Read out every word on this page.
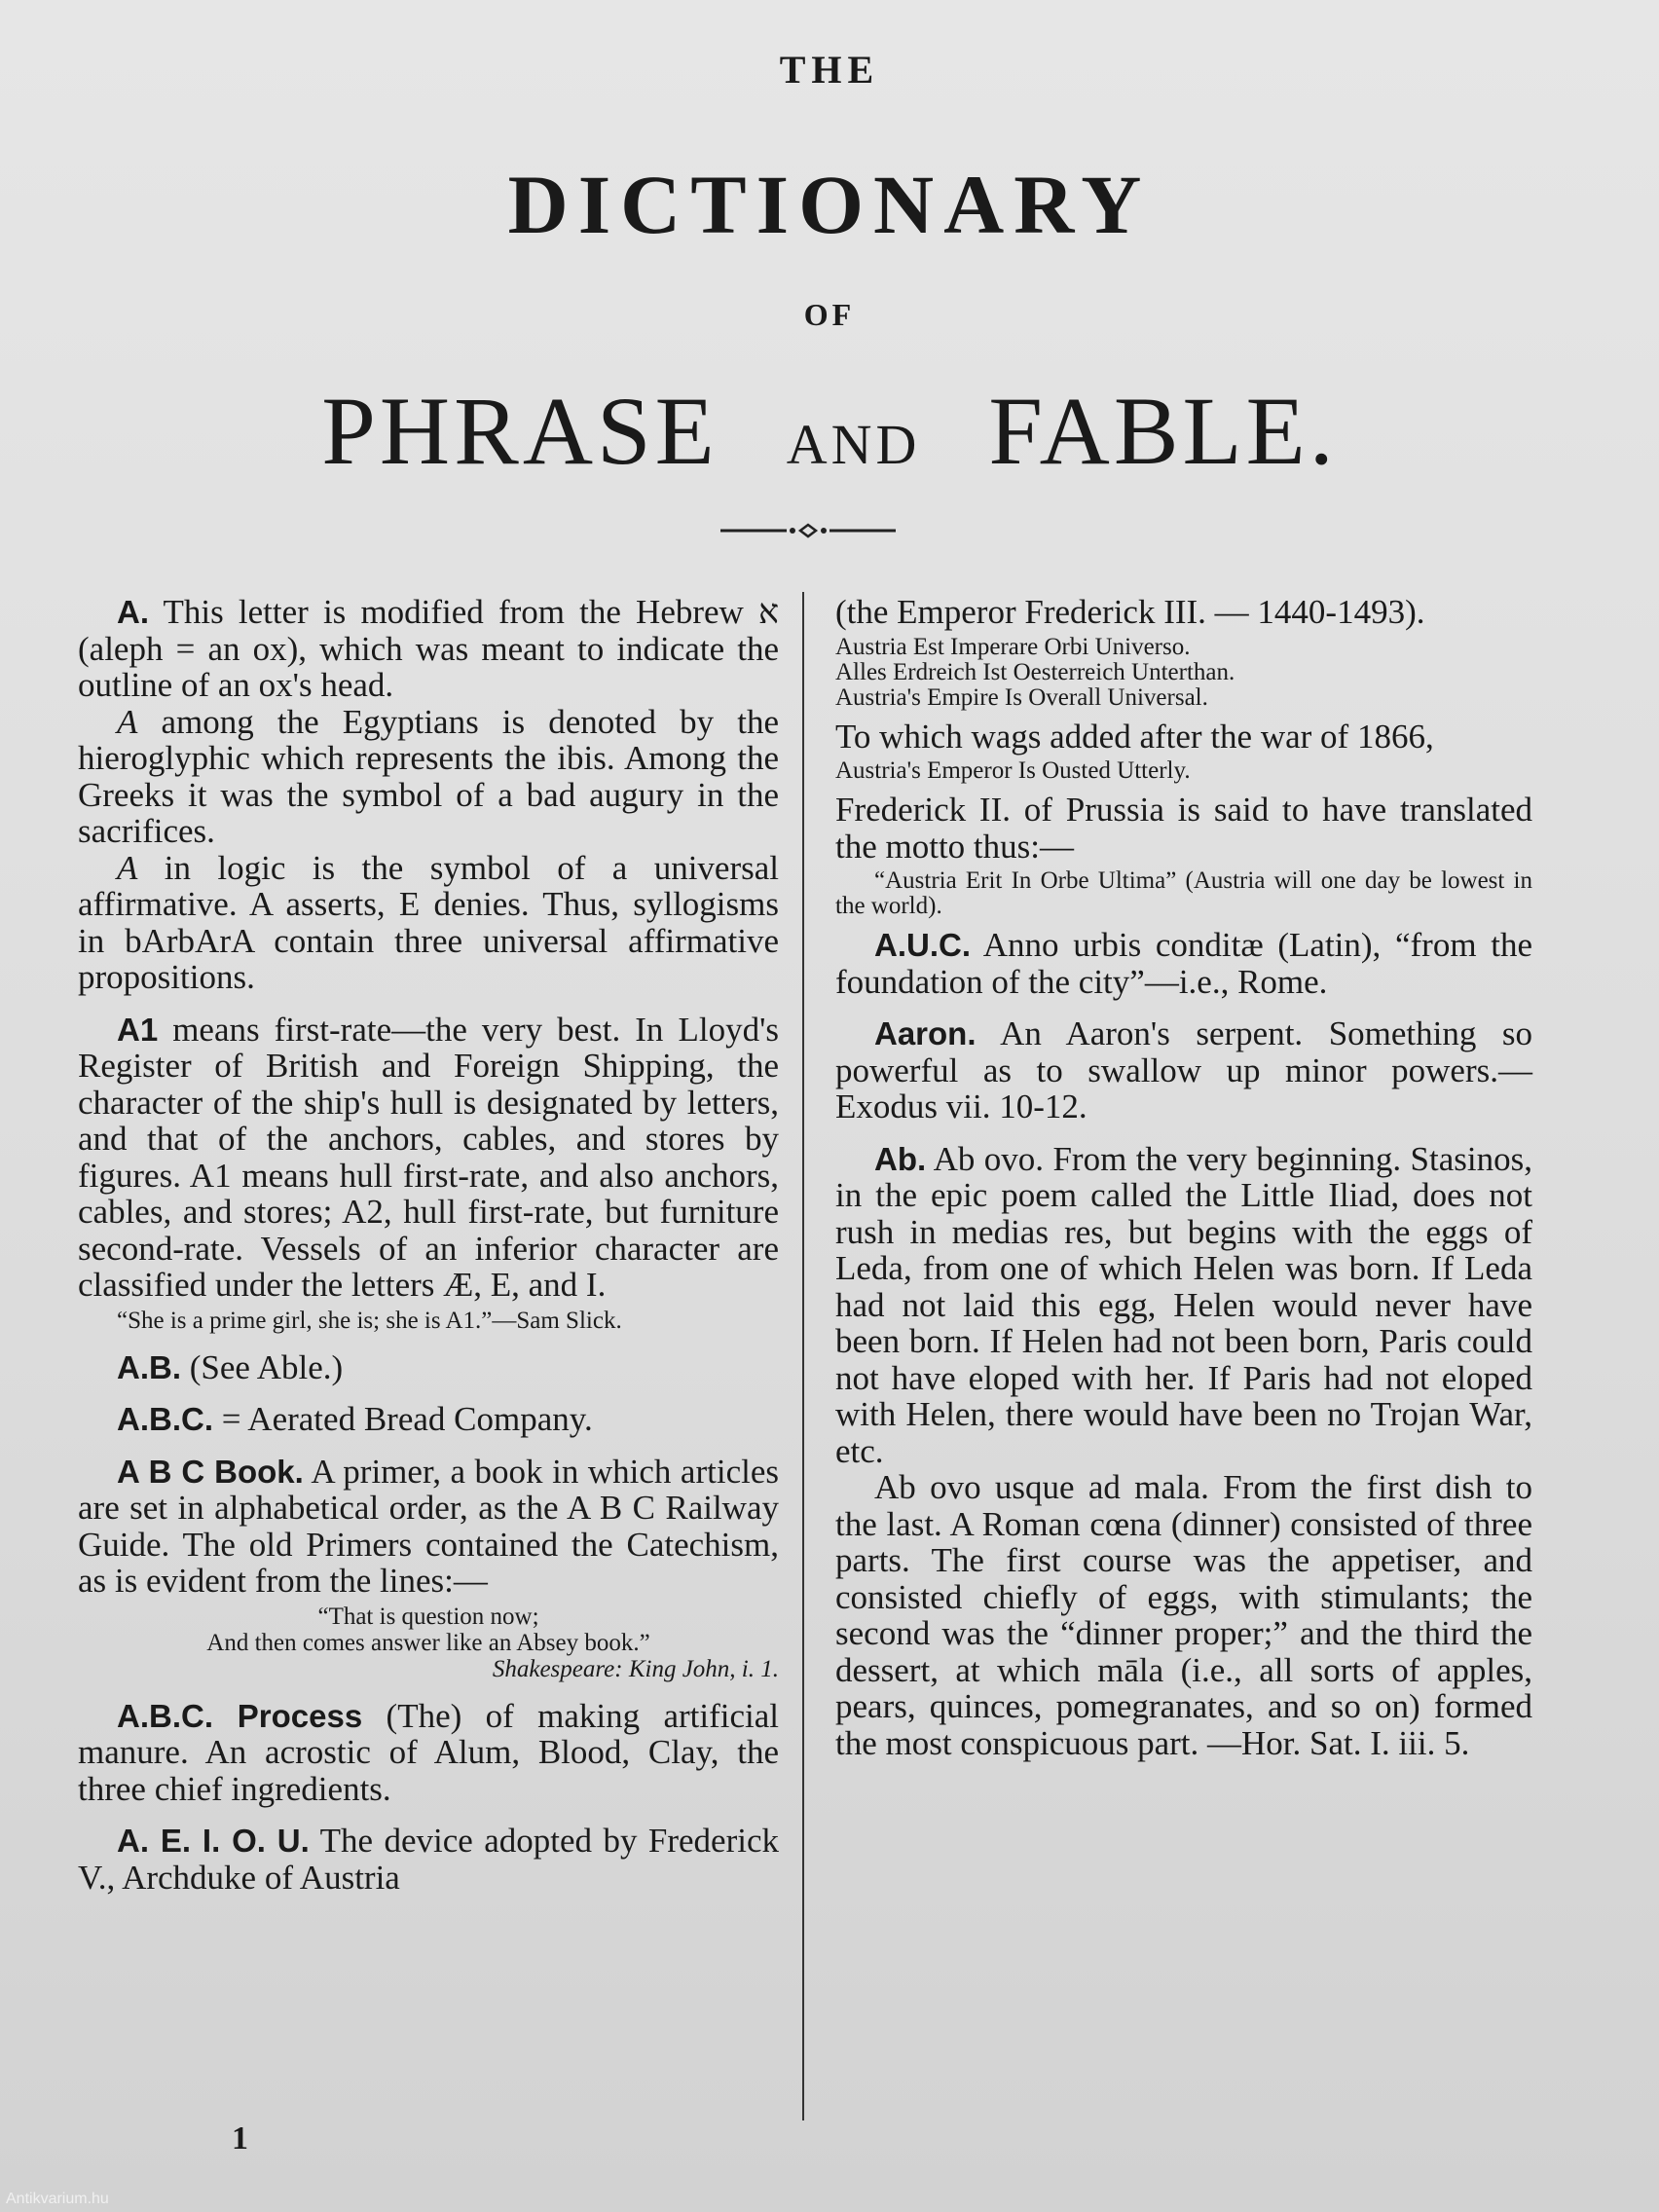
THE
DICTIONARY
OF
PHRASE AND FABLE.

A. This letter is modified from the Hebrew א (aleph = an ox), which was meant to indicate the outline of an ox's head.

A among the Egyptians is denoted by the hieroglyphic which represents the ibis. Among the Greeks it was the symbol of a bad augury in the sacrifices.

A in logic is the symbol of a universal affirmative. A asserts, E denies. Thus, syllogisms in bArbArA contain three universal affirmative propositions.

A1 means first-rate—the very best. In Lloyd's Register of British and Foreign Shipping, the character of the ship's hull is designated by letters, and that of the anchors, cables, and stores by figures. A1 means hull first-rate, and also anchors, cables, and stores; A2, hull first-rate, but furniture second-rate. Vessels of an inferior character are classified under the letters Æ, E, and I.

“She is a prime girl, she is; she is A1.”—Sam Slick.

A.B. (See Able.)

A.B.C. = Aerated Bread Company.

A B C Book. A primer, a book in which articles are set in alphabetical order, as the A B C Railway Guide. The old Primers contained the Catechism, as is evident from the lines:—

“That is question now;

And then comes answer like an Absey book.”

Shakespeare: King John, i. 1.

A.B.C. Process (The) of making artificial manure. An acrostic of Alum, Blood, Clay, the three chief ingredients.

A. E. I. O. U. The device adopted by Frederick V., Archduke of Austria

(the Emperor Frederick III. — 1440-1493).

Austria Est Imperare Orbi Universo.

Alles Erdreich Ist Oesterreich Unterthan.

Austria's Empire Is Overall Universal.

To which wags added after the war of 1866,

Austria's Emperor Is Ousted Utterly.

Frederick II. of Prussia is said to have translated the motto thus:—

“Austria Erit In Orbe Ultima” (Austria will one day be lowest in the world).

A.U.C. Anno urbis conditæ (Latin), “from the foundation of the city”—i.e., Rome.

Aaron. An Aaron's serpent. Something so powerful as to swallow up minor powers.—Exodus vii. 10-12.

Ab. Ab ovo. From the very beginning. Stasinos, in the epic poem called the Little Iliad, does not rush in medias res, but begins with the eggs of Leda, from one of which Helen was born. If Leda had not laid this egg, Helen would never have been born. If Helen had not been born, Paris could not have eloped with her. If Paris had not eloped with Helen, there would have been no Trojan War, etc.

Ab ovo usque ad mala. From the first dish to the last. A Roman cœna (dinner) consisted of three parts. The first course was the appetiser, and consisted chiefly of eggs, with stimulants; the second was the “dinner proper;” and the third the dessert, at which māla (i.e., all sorts of apples, pears, quinces, pomegranates, and so on) formed the most conspicuous part. —Hor. Sat. I. iii. 5.

1
Antikvarium.hu
